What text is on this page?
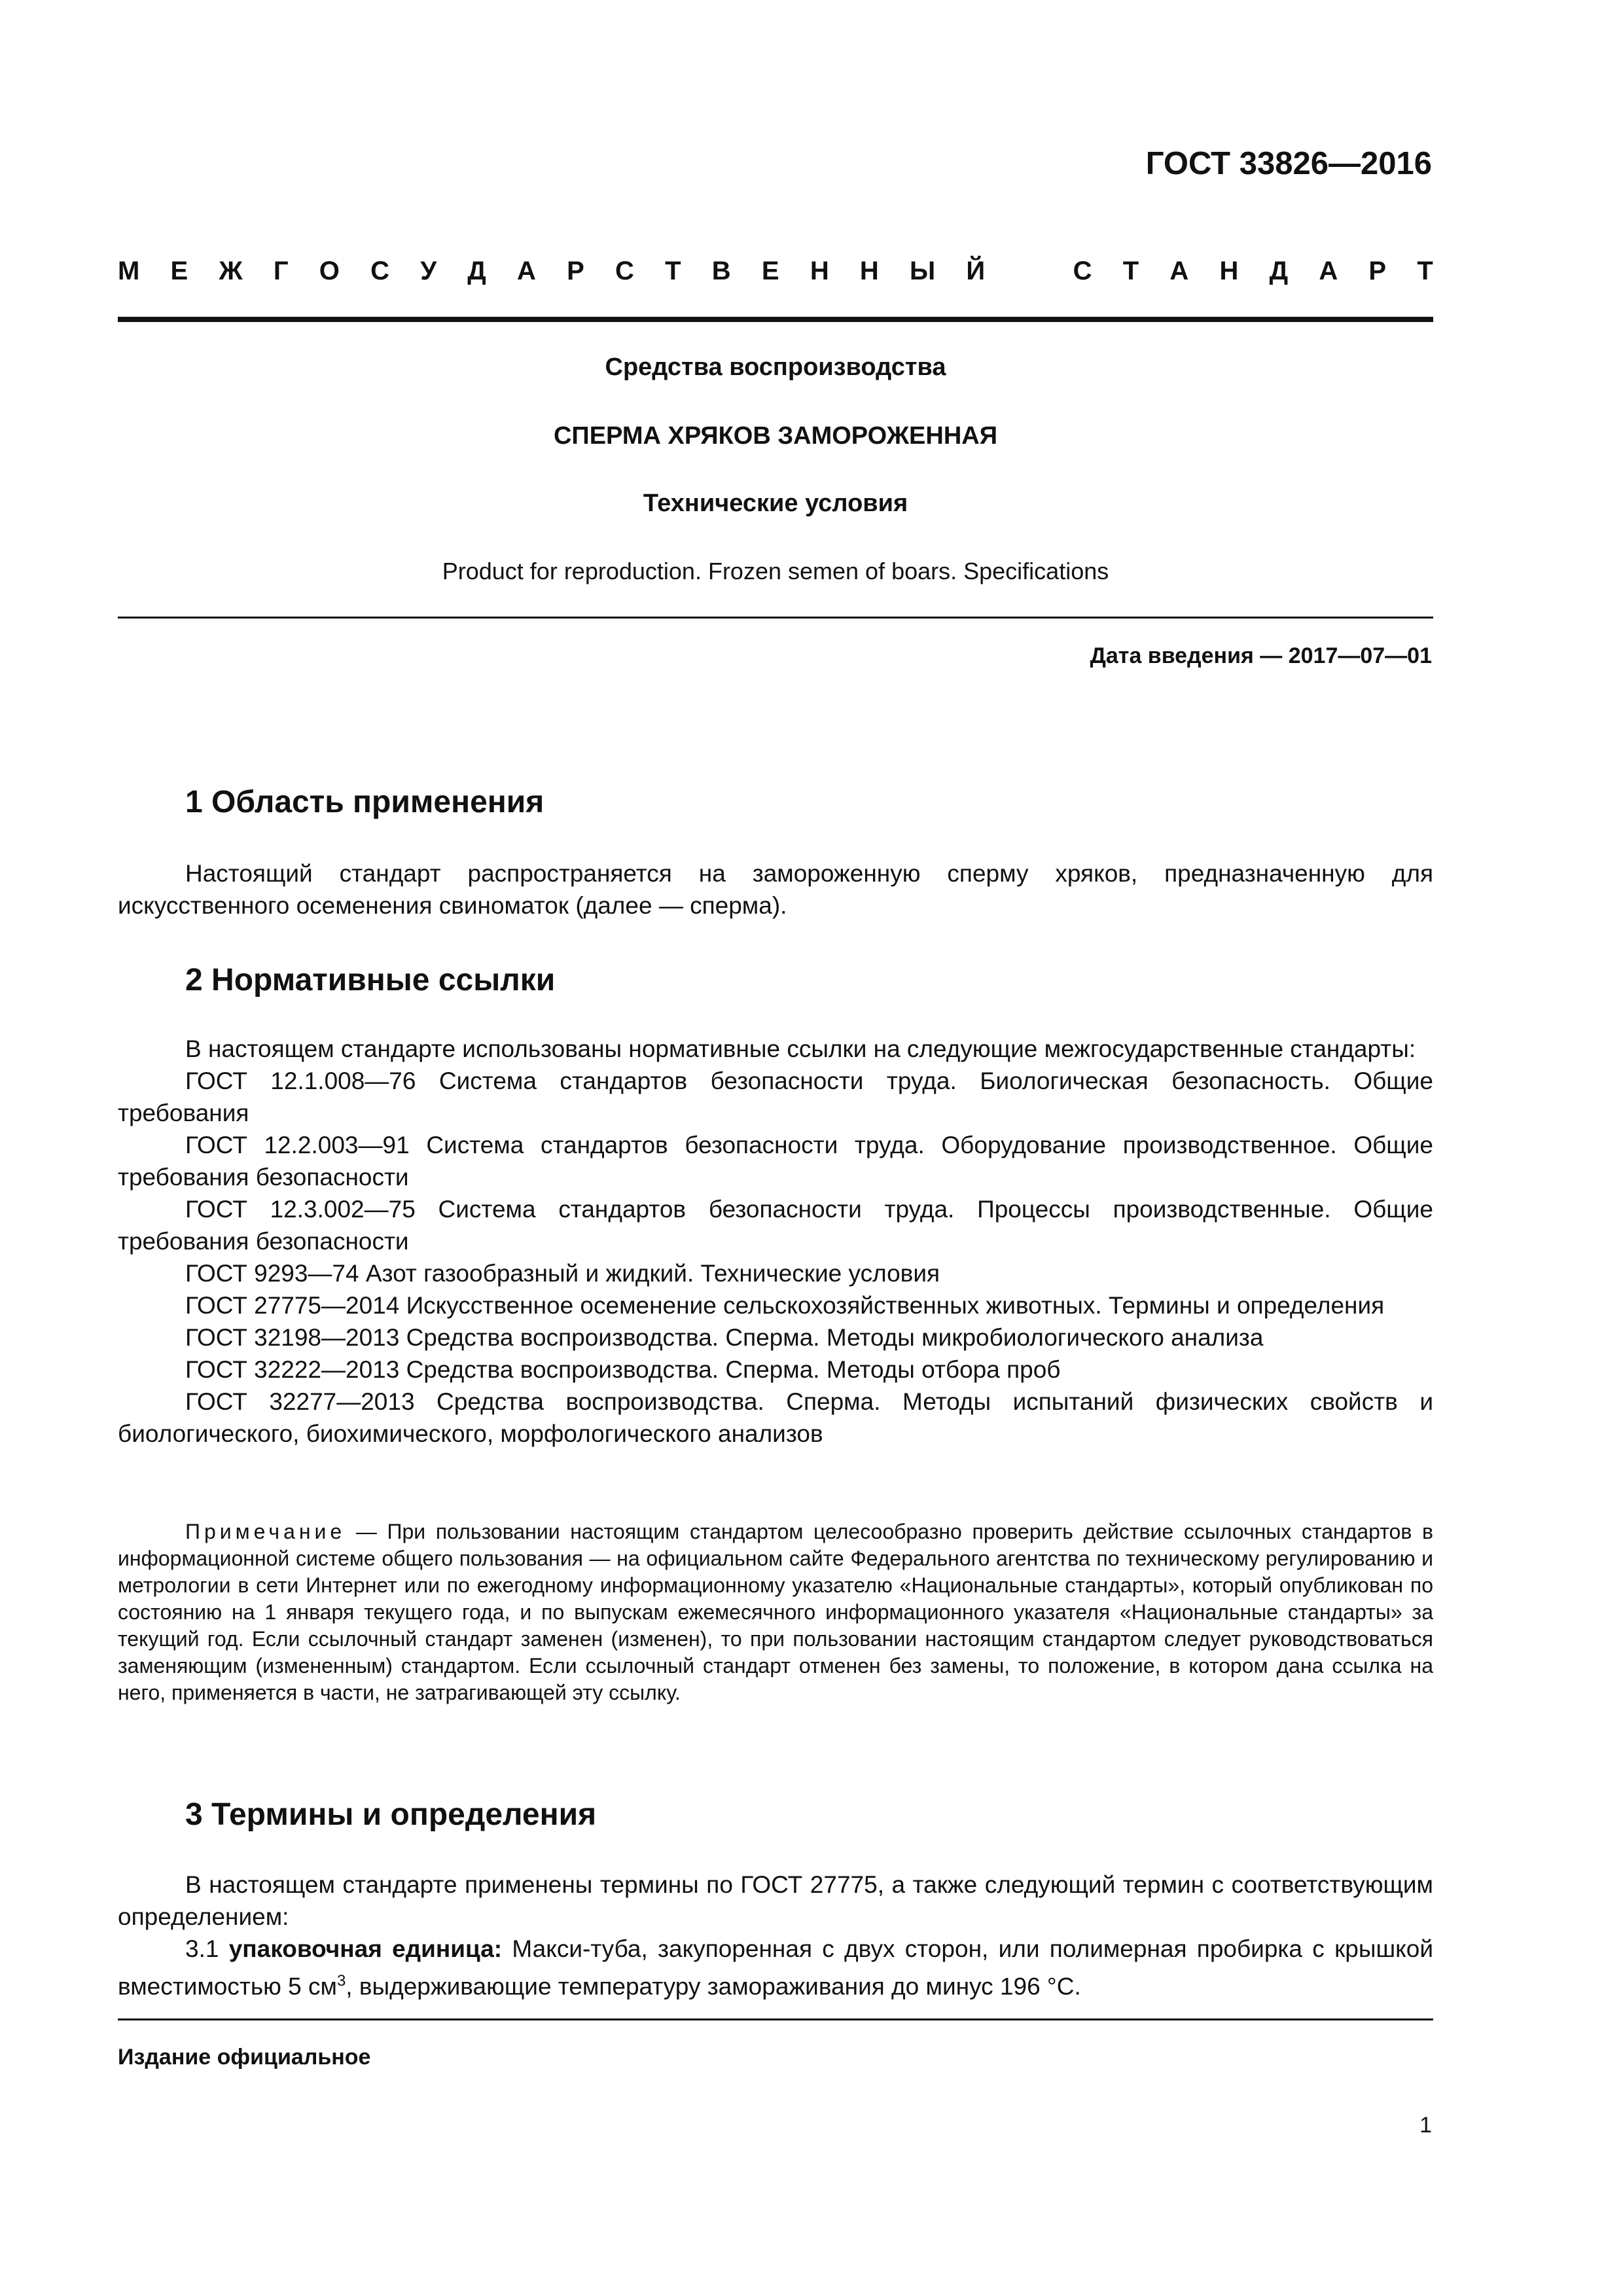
ГОСТ 33826—2016
М Е Ж Г О С У Д А Р С Т В Е Н Н Ы Й	С Т А Н Д А Р Т
Средства воспроизводства
СПЕРМА ХРЯКОВ ЗАМОРОЖЕННАЯ
Технические условия
Product for reproduction. Frozen semen of boars. Specifications
Дата введения — 2017—07—01
1 Область применения

Настоящий стандарт распространяется на замороженную сперму хряков, предназначенную для искусственного осеменения свиноматок (далее — сперма).

2 Нормативные ссылки

В настоящем стандарте использованы нормативные ссылки на следующие межгосударственные стандарты:

ГОСТ 12.1.008—76 Система стандартов безопасности труда. Биологическая безопасность. Общие требования

ГОСТ 12.2.003—91 Система стандартов безопасности труда. Оборудование производственное. Общие требования безопасности

ГОСТ 12.3.002—75 Система стандартов безопасности труда. Процессы производственные. Общие требования безопасности

ГОСТ 9293—74 Азот газообразный и жидкий. Технические условия

ГОСТ 27775—2014 Искусственное осеменение сельскохозяйственных животных. Термины и определения

ГОСТ 32198—2013 Средства воспроизводства. Сперма. Методы микробиологического анализа

ГОСТ 32222—2013 Средства воспроизводства. Сперма. Методы отбора проб

ГОСТ 32277—2013 Средства воспроизводства. Сперма. Методы испытаний физических свойств и биологического, биохимического, морфологического анализов

Примечание — При пользовании настоящим стандартом целесообразно проверить действие ссылочных стандартов в информационной системе общего пользования — на официальном сайте Федерального агентства по техническому регулированию и метрологии в сети Интернет или по ежегодному информационному указателю «Национальные стандарты», который опубликован по состоянию на 1 января текущего года, и по выпускам ежемесячного информационного указателя «Национальные стандарты» за текущий год. Если ссылочный стандарт заменен (изменен), то при пользовании настоящим стандартом следует руководствоваться заменяющим (измененным) стандартом. Если ссылочный стандарт отменен без замены, то положение, в котором дана ссылка на него, применяется в части, не затрагивающей эту ссылку.

3 Термины и определения

В настоящем стандарте применены термины по ГОСТ 27775, а также следующий термин с соответствующим определением:

3.1 упаковочная единица: Макси-туба, закупоренная с двух сторон, или полимерная пробирка с крышкой вместимостью 5 $см^3$, выдерживающие температуру замораживания до минус 196 °С.

Издание официальное
1
